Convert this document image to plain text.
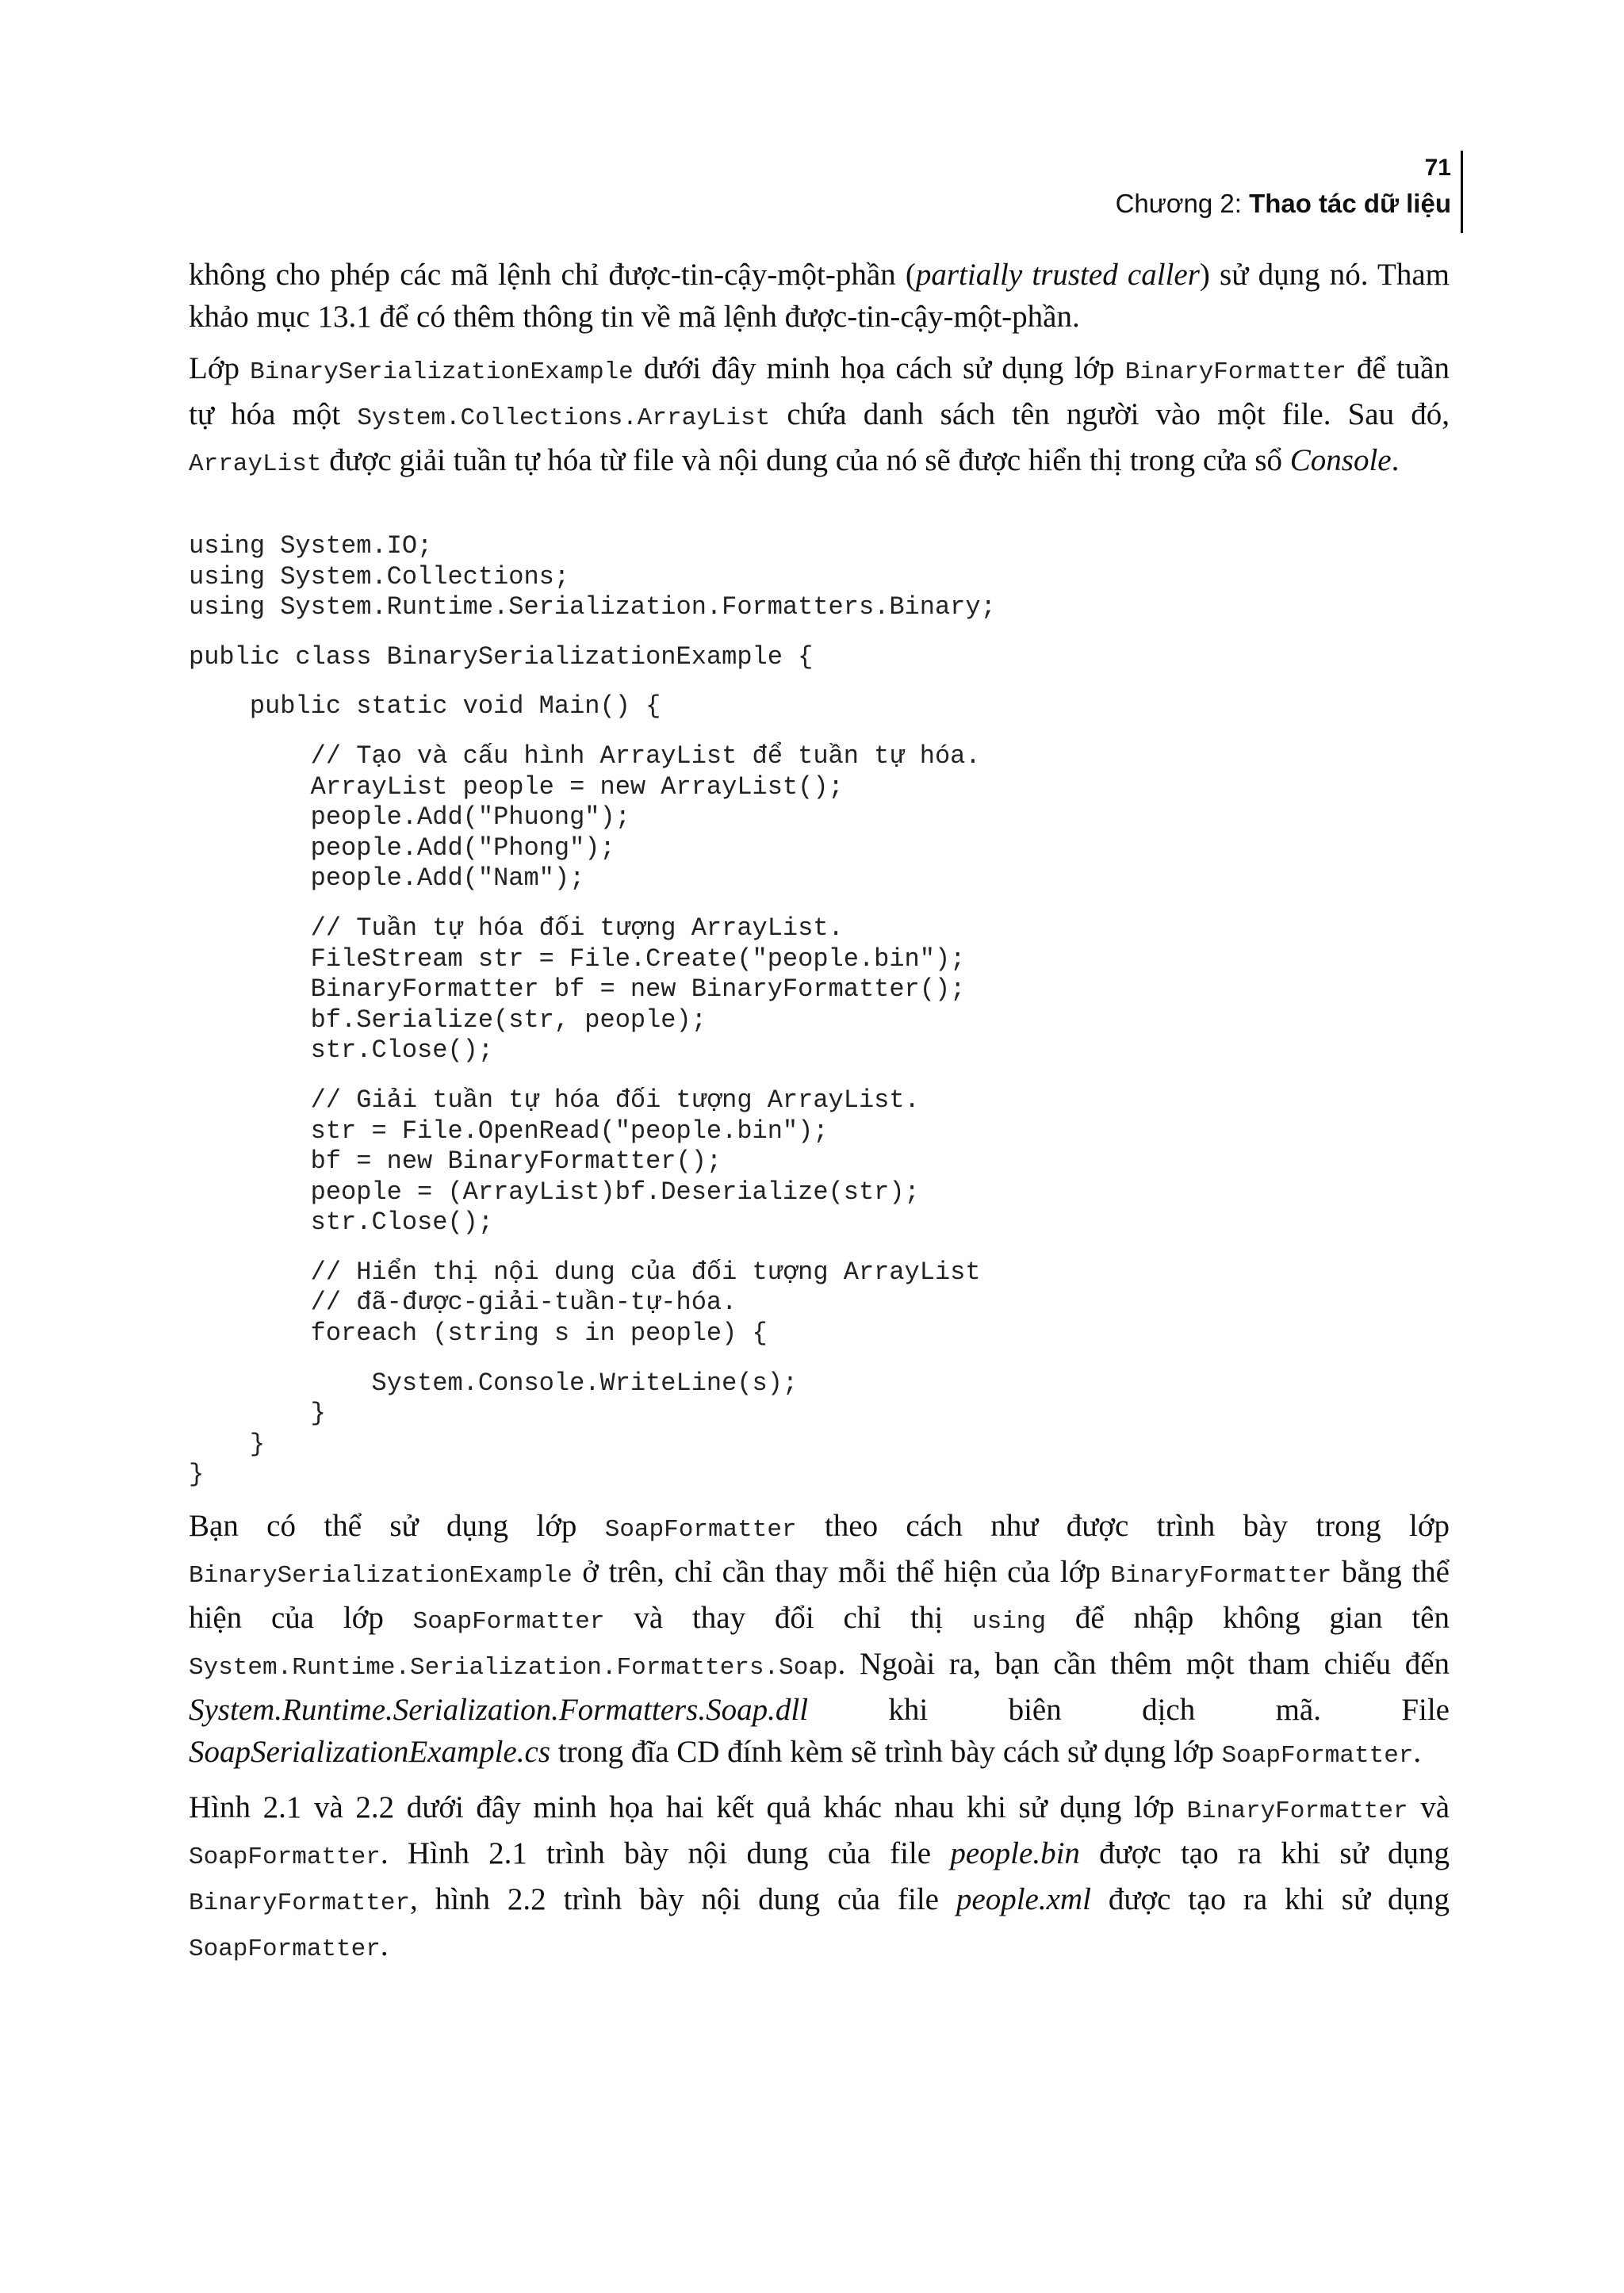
71
Chương 2: Thao tác dữ liệu

không cho phép các mã lệnh chỉ được-tin-cậy-một-phần (partially trusted caller) sử dụng nó. Tham khảo mục 13.1 để có thêm thông tin về mã lệnh được-tin-cậy-một-phần.

Lớp BinarySerializationExample dưới đây minh họa cách sử dụng lớp BinaryFormatter để tuần tự hóa một System.Collections.ArrayList chứa danh sách tên người vào một file. Sau đó, ArrayList được giải tuần tự hóa từ file và nội dung của nó sẽ được hiển thị trong cửa sổ Console.

using System.IO;
using System.Collections;
using System.Runtime.Serialization.Formatters.Binary;
public class BinarySerializationExample {
public static void Main() {
// Tạo và cấu hình ArrayList để tuần tự hóa.
ArrayList people = new ArrayList();
people.Add("Phuong");
people.Add("Phong");
people.Add("Nam");
// Tuần tự hóa đối tượng ArrayList.
FileStream str = File.Create("people.bin");
BinaryFormatter bf = new BinaryFormatter();
bf.Serialize(str, people);
str.Close();
// Giải tuần tự hóa đối tượng ArrayList.
str = File.OpenRead("people.bin");
bf = new BinaryFormatter();
people = (ArrayList)bf.Deserialize(str);
str.Close();
// Hiển thị nội dung của đối tượng ArrayList
// đã-được-giải-tuần-tự-hóa.
foreach (string s in people) {
System.Console.WriteLine(s);
}
}
}

Bạn có thể sử dụng lớp SoapFormatter theo cách như được trình bày trong lớp BinarySerializationExample ở trên, chỉ cần thay mỗi thể hiện của lớp BinaryFormatter bằng thể hiện của lớp SoapFormatter và thay đổi chỉ thị using để nhập không gian tên System.Runtime.Serialization.Formatters.Soap. Ngoài ra, bạn cần thêm một tham chiếu đến System.Runtime.Serialization.Formatters.Soap.dll khi biên dịch mã. File SoapSerializationExample.cs trong đĩa CD đính kèm sẽ trình bày cách sử dụng lớp SoapFormatter.

Hình 2.1 và 2.2 dưới đây minh họa hai kết quả khác nhau khi sử dụng lớp BinaryFormatter và SoapFormatter. Hình 2.1 trình bày nội dung của file people.bin được tạo ra khi sử dụng BinaryFormatter, hình 2.2 trình bày nội dung của file people.xml được tạo ra khi sử dụng SoapFormatter.
